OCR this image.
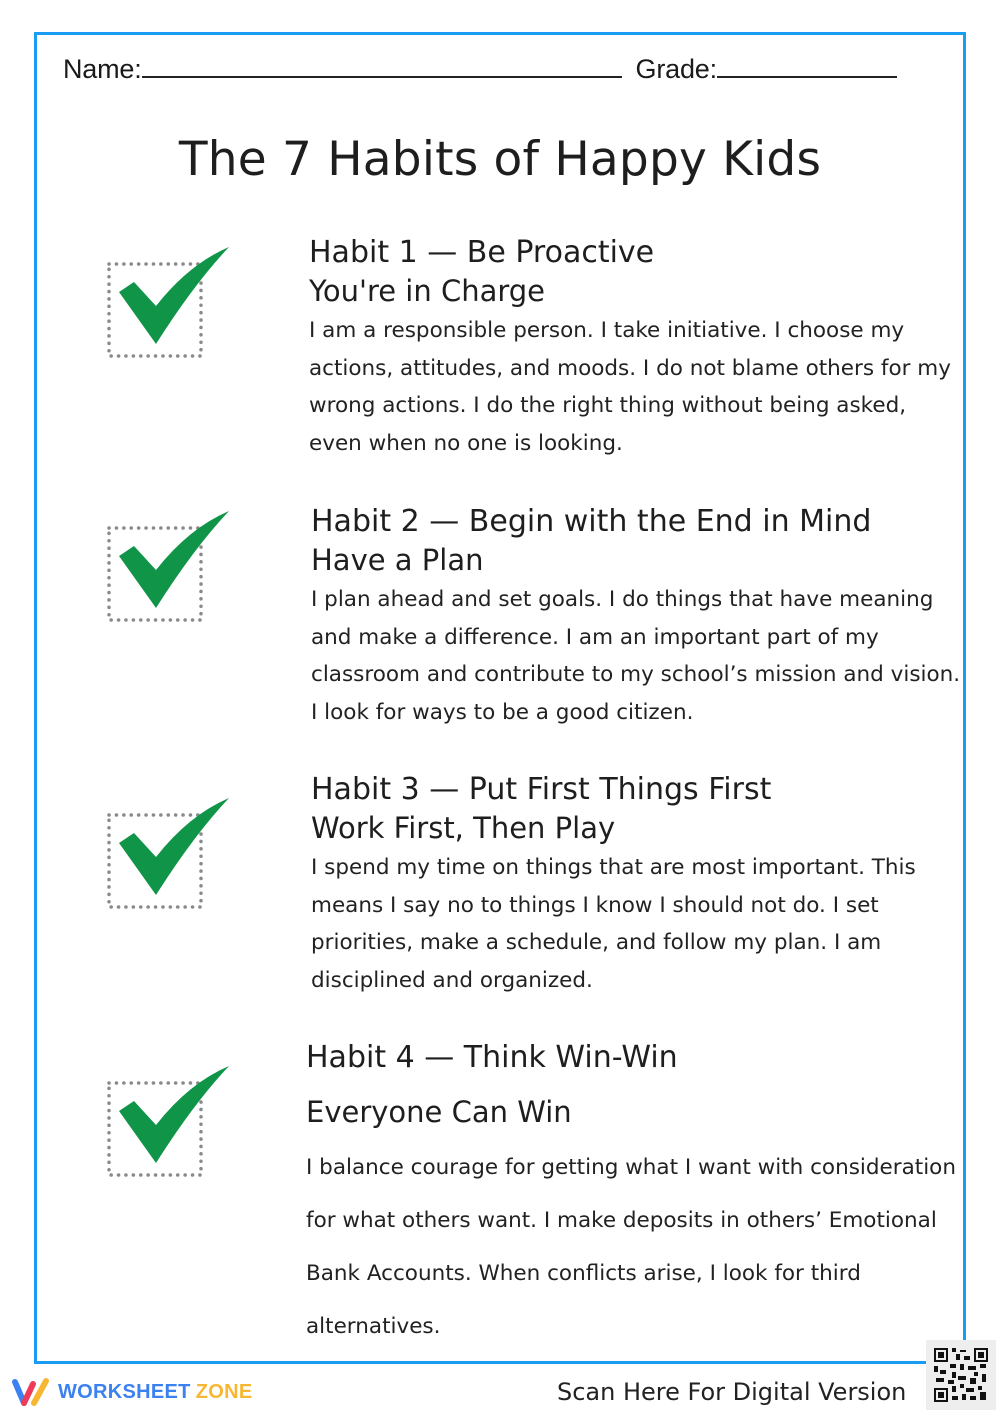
Name:	Grade:
The 7 Habits of Happy Kids
Habit 1 — Be Proactive
You're in Charge
I am a responsible person. I take initiative. I choose my actions, attitudes, and moods. I do not blame others for my wrong actions. I do the right thing without being asked, even when no one is looking.
Habit 2 — Begin with the End in Mind
Have a Plan
I plan ahead and set goals. I do things that have meaning and make a difference. I am an important part of my classroom and contribute to my school’s mission and vision. I look for ways to be a good citizen.
Habit 3 — Put First Things First
Work First, Then Play
I spend my time on things that are most important. This means I say no to things I know I should not do. I set priorities, make a schedule, and follow my plan. I am disciplined and organized.
Habit 4 — Think Win-Win
Everyone Can Win
I balance courage for getting what I want with consideration for what others want. I make deposits in others’ Emotional Bank Accounts. When conflicts arise, I look for third alternatives.
WORKSHEET ZONE	Scan Here For Digital Version
